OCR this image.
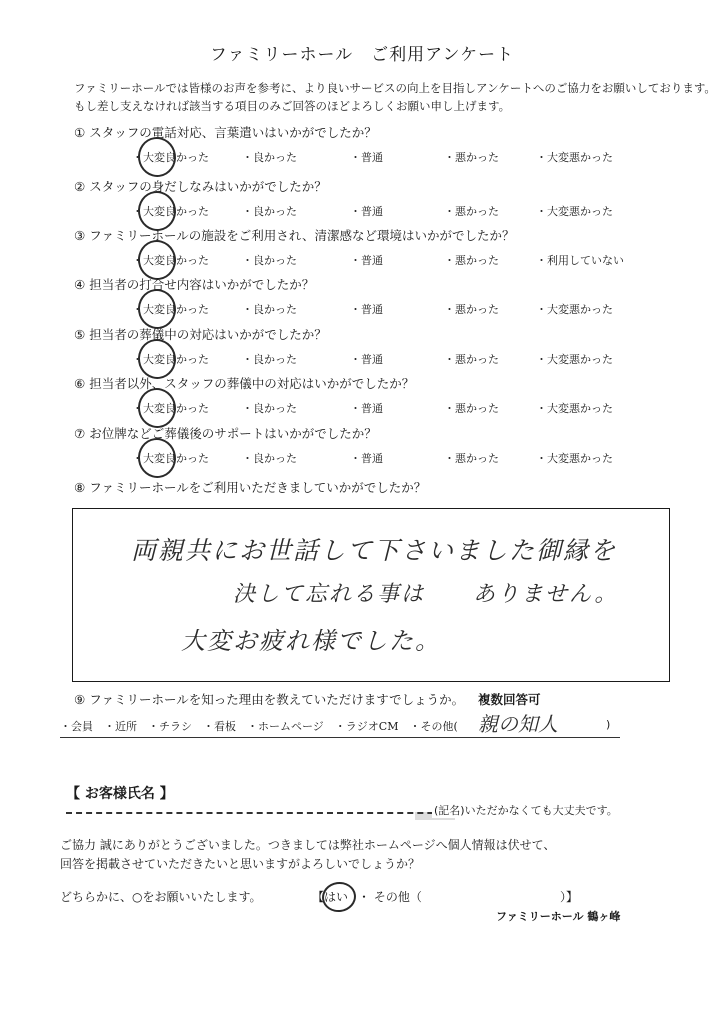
ファミリーホール　ご利用アンケート
ファミリーホールでは皆様のお声を参考に、より良いサービスの向上を目指しアンケートへのご協力をお願いしております。
もし差し支えなければ該当する項目のみご回答のほどよろしくお願い申し上げます。
① スタッフの電話対応、言葉遣いはいかがでしたか？
・大変良かった	・良かった	・普通	・悪かった	・大変悪かった
② スタッフの身だしなみはいかがでしたか？
・大変良かった	・良かった	・普通	・悪かった	・大変悪かった
③ ファミリーホールの施設をご利用され、清潔感など環境はいかがでしたか？
・大変良かった	・良かった	・普通	・悪かった	・利用していない
④ 担当者の打合せ内容はいかがでしたか？
・大変良かった	・良かった	・普通	・悪かった	・大変悪かった
⑤ 担当者の葬儀中の対応はいかがでしたか？
・大変良かった	・良かった	・普通	・悪かった	・大変悪かった
⑥ 担当者以外、スタッフの葬儀中の対応はいかがでしたか？
・大変良かった	・良かった	・普通	・悪かった	・大変悪かった
⑦ お位牌などご葬儀後のサポートはいかがでしたか？
・大変良かった	・良かった	・普通	・悪かった	・大変悪かった
⑧ ファミリーホールをご利用いただきましていかがでしたか？
両親共にお世話して下さいました御縁を
決して忘れる事は　　ありません。
大変お疲れ様でした。
⑨ ファミリーホールを知った理由を教えていただけますでしょうか。 複数回答可
・会員　・近所　・チラシ　・看板　・ホームページ　・ラジオCM　・その他( 親の知人	)
【 お客様氏名 】
(記名)いただかなくても大丈夫です。
ご協力 誠にありがとうございました。つきましては弊社ホームページへ個人情報は伏せて、
回答を掲載させていただきたいと思いますがよろしいでしょうか？
どちらかに、○をお願いいたします。	【はい ・ その他（	）】
ファミリーホール 鶴ヶ峰
